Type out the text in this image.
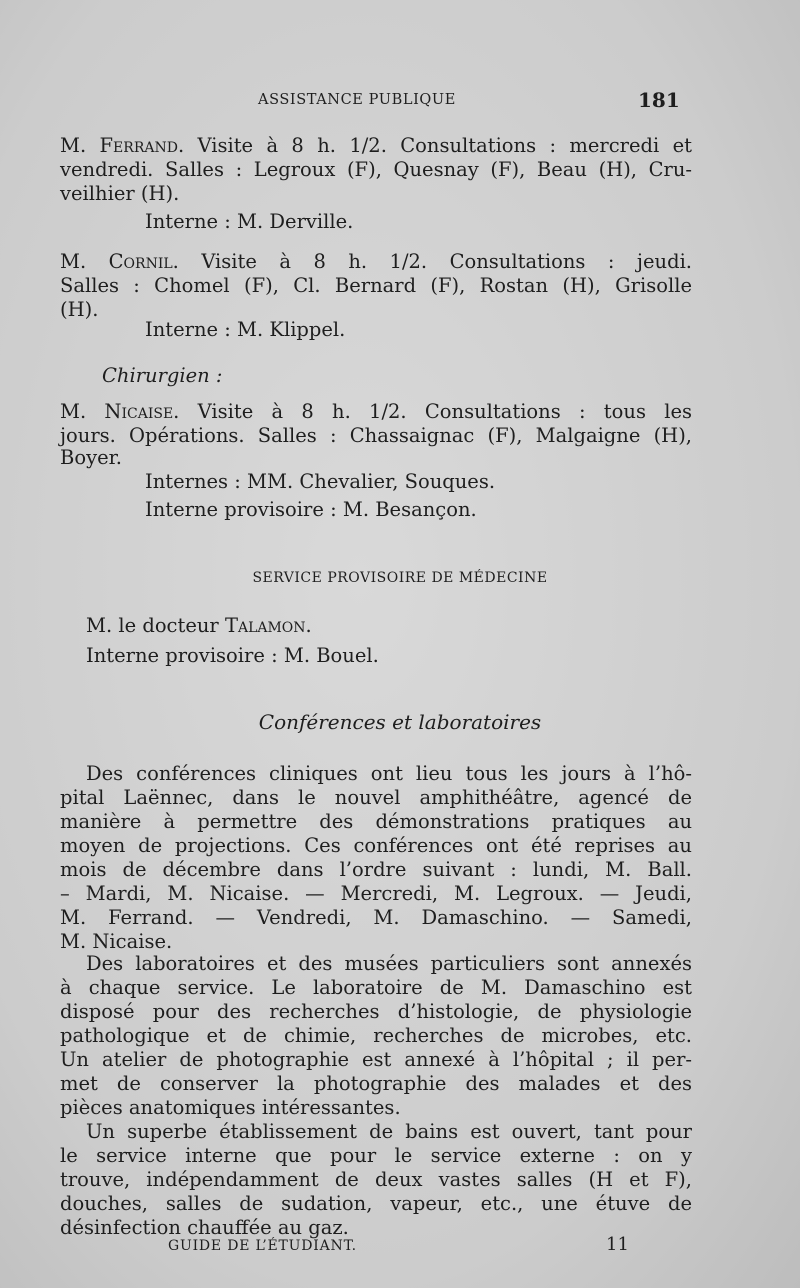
ASSISTANCE PUBLIQUE	181
M. Ferrand. Visite à 8 h. 1/2. Consultations : mercredi et
vendredi. Salles : Legroux (F), Quesnay (F), Beau (H), Cru-
veilhier (H).
Interne : M. Derville.
M. Cornil. Visite à 8 h. 1/2. Consultations : jeudi.
Salles : Chomel (F), Cl. Bernard (F), Rostan (H), Grisolle
(H).
Interne : M. Klippel.
Chirurgien :
M. Nicaise. Visite à 8 h. 1/2. Consultations : tous les
jours. Opérations. Salles : Chassaignac (F), Malgaigne (H),
Boyer.
Internes : MM. Chevalier, Souques.
Interne provisoire : M. Besançon.
SERVICE PROVISOIRE DE MÉDECINE
M. le docteur Talamon.
Interne provisoire : M. Bouel.
Conférences et laboratoires
Des conférences cliniques ont lieu tous les jours à l’hô-
pital Laënnec, dans le nouvel amphithéâtre, agencé de
manière à permettre des démonstrations pratiques au
moyen de projections. Ces conférences ont été reprises au
mois de décembre dans l’ordre suivant : lundi, M. Ball.
– Mardi, M. Nicaise. — Mercredi, M. Legroux. — Jeudi,
M. Ferrand. — Vendredi, M. Damaschino. — Samedi,
M. Nicaise.
Des laboratoires et des musées particuliers sont annexés
à chaque service. Le laboratoire de M. Damaschino est
disposé pour des recherches d’histologie, de physiologie
pathologique et de chimie, recherches de microbes, etc.
Un atelier de photographie est annexé à l’hôpital ; il per-
met de conserver la photographie des malades et des
pièces anatomiques intéressantes.
Un superbe établissement de bains est ouvert, tant pour
le service interne que pour le service externe : on y
trouve, indépendamment de deux vastes salles (H et F),
douches, salles de sudation, vapeur, etc., une étuve de
désinfection chauffée au gaz.
GUIDE DE L’ÉTUDIANT.	11
